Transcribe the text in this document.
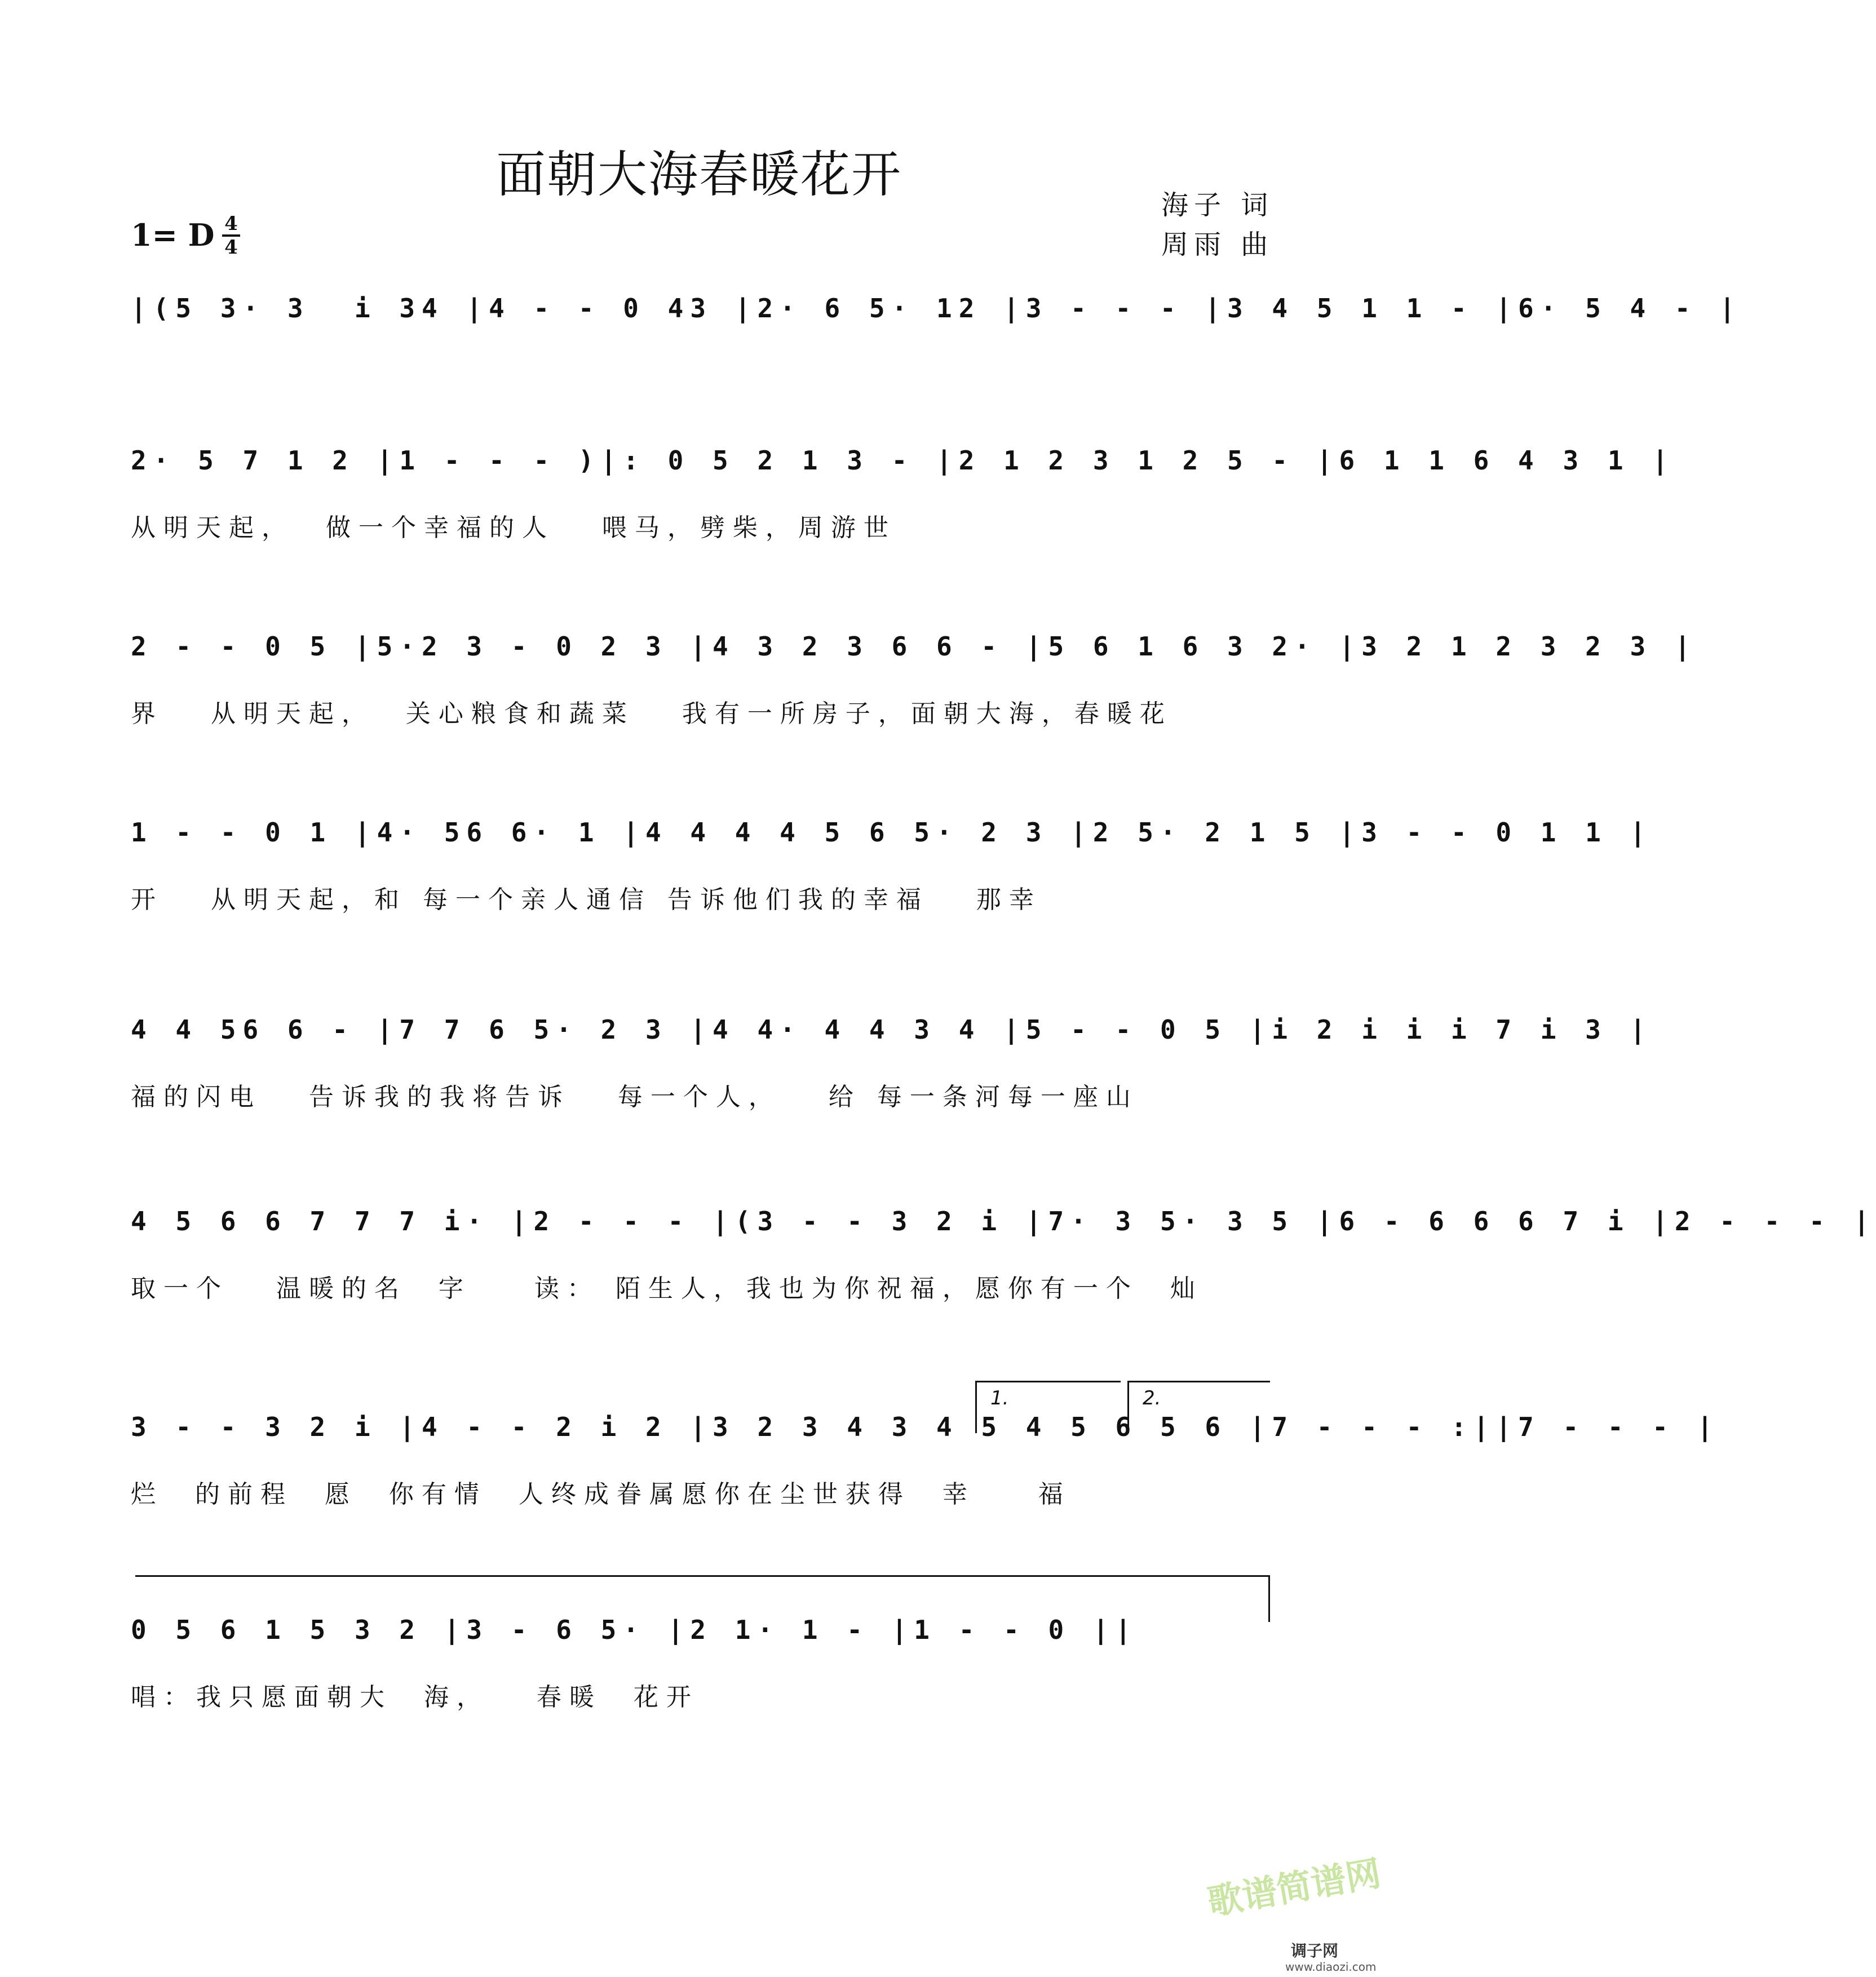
面朝大海春暖花开
海子 词
周雨 曲
1= D 4
4
|(5 3· 3  i 34 |4 - - 0 43 |2· 6 5· 12 |3 - - - |3 4 5 1 1 - |6· 5 4 - |
2· 5 7 1 2 |1 - - - )|: 0 5 2 1 3 - |2 1 2 3 1 2 5 - |6 1 1 6 4 3 1 |
从明天起，  做一个幸福的人   喂马，劈柴，周游世
2 - - 0 5 |5·2 3 - 0 2 3 |4 3 2 3 6 6 - |5 6 1 6 3 2· |3 2 1 2 3 2 3 |
界   从明天起，  关心粮食和蔬菜   我有一所房子，面朝大海，春暖花
1 - - 0 1 |4· 56 6· 1 |4 4 4 4 5 6 5· 2 3 |2 5· 2 1 5 |3 - - 0 1 1 |
开   从明天起，和 每一个亲人通信 告诉他们我的幸福   那幸
4 4 56 6 - |7 7 6 5· 2 3 |4 4· 4 4 3 4 |5 - - 0 5 |i 2 i i i 7 i 3 |
福的闪电   告诉我的我将告诉   每一个人，   给 每一条河每一座山
4 5 6 6 7 7 7 i· |2 - - - |(3 - - 3 2 i |7· 3 5· 3 5 |6 - 6 6 6 7 i |2 - - - |
取一个   温暖的名  字    读： 陌生人，我也为你祝福，愿你有一个  灿
1.	2.
3 - - 3 2 i |4 - - 2 i 2 |3 2 3 4 3 4 5 4 5 6 5 6 |7 - - - :||7 - - - |
烂  的前程  愿  你有情  人终成眷属愿你在尘世获得  幸    福
0 5 6 1 5 3 2 |3 - 6 5· |2 1· 1 - |1 - - 0 ||
唱：我只愿面朝大  海，   春暖  花开
歌谱简谱网
调子网
www.diaozi.com
